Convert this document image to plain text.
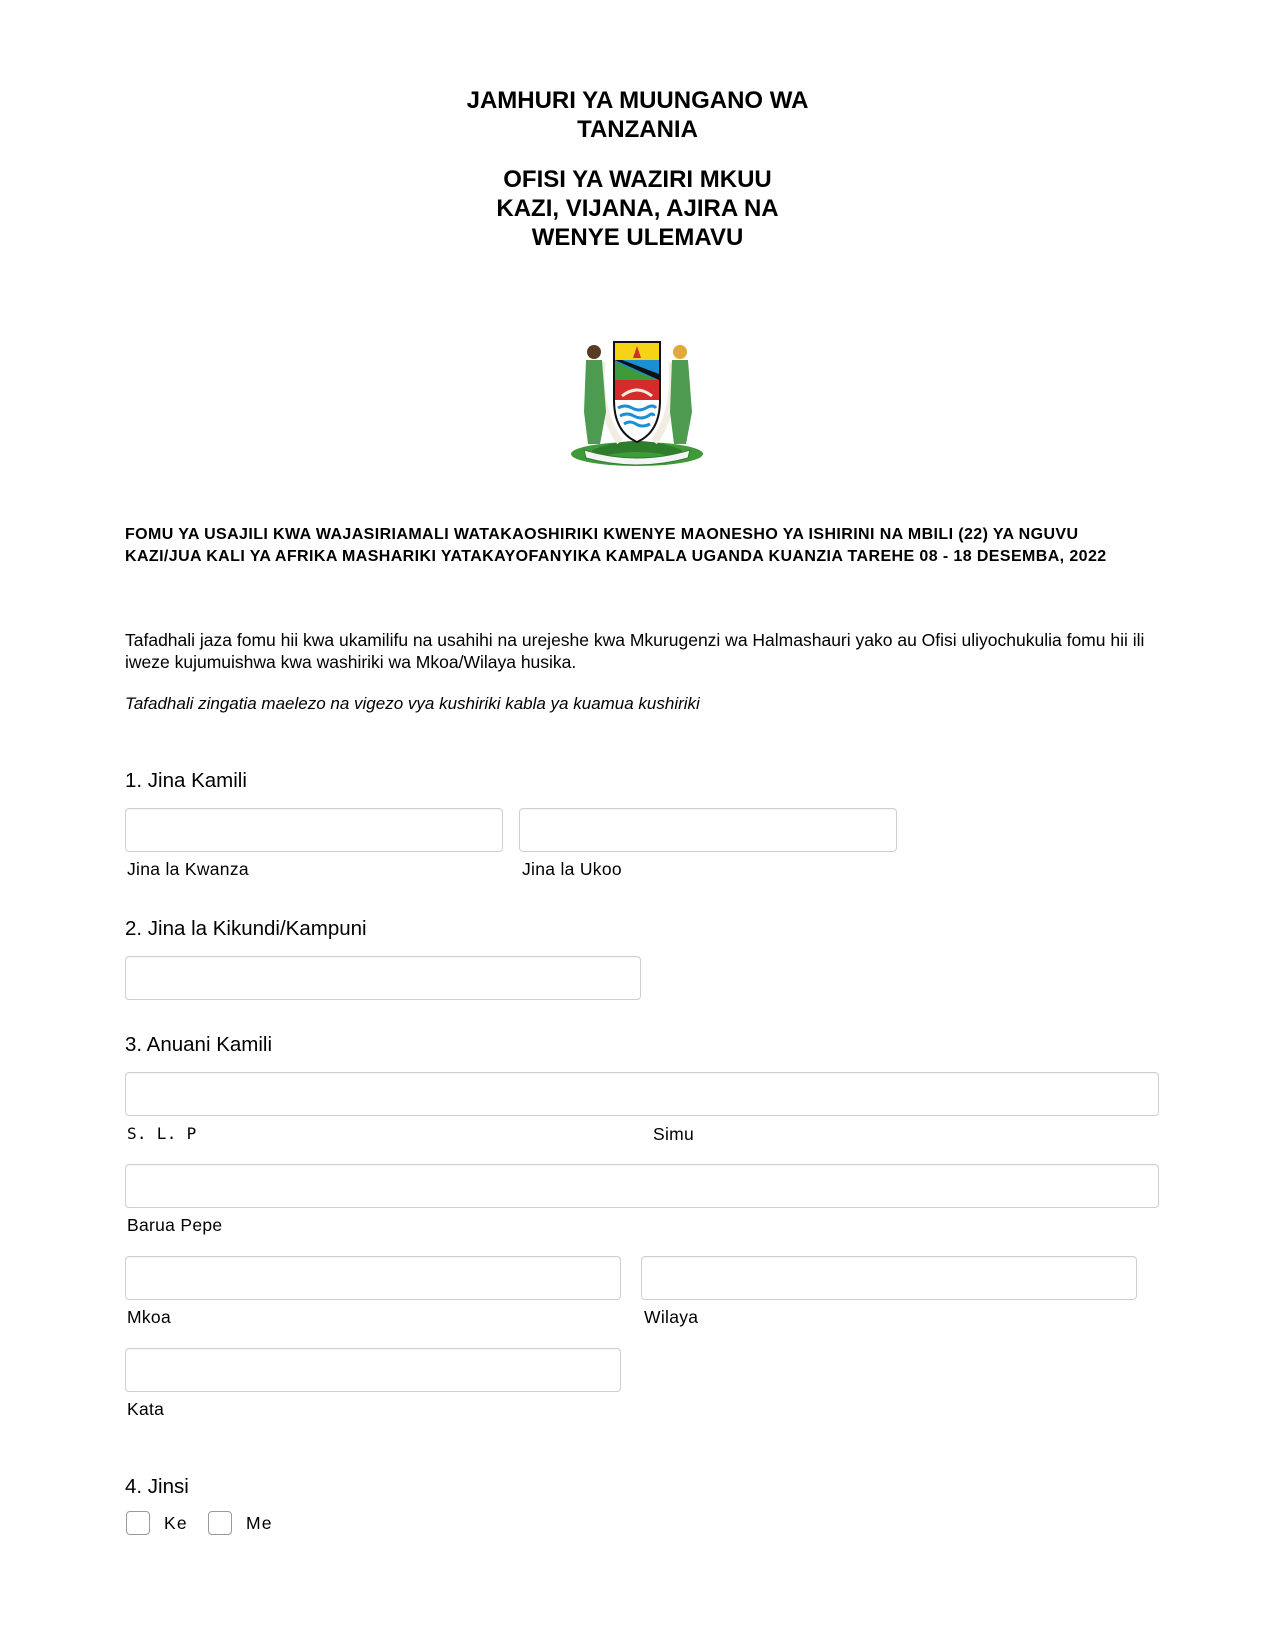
JAMHURI YA MUUNGANO WA
TANZANIA
OFISI YA WAZIRI MKUU
KAZI, VIJANA, AJIRA NA
WENYE ULEMAVU
FOMU YA USAJILI KWA WAJASIRIAMALI WATAKAOSHIRIKI KWENYE MAONESHO YA ISHIRINI NA MBILI (22) YA NGUVU KAZI/JUA KALI YA AFRIKA MASHARIKI YATAKAYOFANYIKA KAMPALA UGANDA KUANZIA TAREHE 08 - 18 DESEMBA, 2022
Tafadhali jaza fomu hii kwa ukamilifu na usahihi na urejeshe kwa Mkurugenzi wa Halmashauri yako au Ofisi uliyochukulia fomu hii ili iweze kujumuishwa kwa washiriki wa Mkoa/Wilaya husika.
Tafadhali zingatia maelezo na vigezo vya kushiriki kabla ya kuamua kushiriki
1. Jina Kamili
Jina la Kwanza	Jina la Ukoo
2. Jina la Kikundi/Kampuni
3. Anuani Kamili
S. L. P	Simu
Barua Pepe
Mkoa	Wilaya
Kata
4. Jinsi
Ke	Me
